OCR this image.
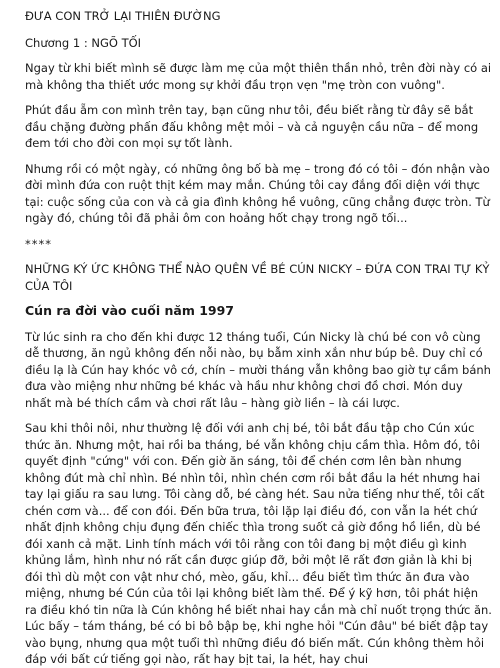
ĐƯA CON TRỞ LẠI THIÊN ĐƯỜNG
Chương 1 : NGÕ TỐI

Ngay từ khi biết mình sẽ được làm mẹ của một thiên thần nhỏ, trên đời này có ai mà không tha thiết ước mong sự khởi đầu trọn vẹn "mẹ tròn con vuông".

Phút đầu ẵm con mình trên tay, bạn cũng như tôi, đều biết rằng từ đây sẽ bắt đầu chặng đường phấn đấu không mệt mỏi – và cả nguyện cầu nữa – để mong đem tới cho đời con mọi sự tốt lành.

Nhưng rồi có một ngày, có những ông bố bà mẹ – trong đó có tôi – đón nhận vào đời mình đứa con ruột thịt kém may mắn. Chúng tôi cay đắng đối diện với thực tại: cuộc sống của con và cả gia đình không hề vuông, cũng chẳng được tròn. Từ ngày đó, chúng tôi đã phải ôm con hoảng hốt chạy trong ngõ tối...

****
NHỮNG KÝ ỨC KHÔNG THỂ NÀO QUÊN VỀ BÉ CÚN NICKY – ĐỨA CON TRAI TỰ KỶ CỦA TÔI
Cún ra đời vào cuối năm 1997

Từ lúc sinh ra cho đến khi được 12 tháng tuổi, Cún Nicky là chú bé con vô cùng dễ thương, ăn ngủ không đến nỗi nào, bụ bẫm xinh xắn như búp bê. Duy chỉ có điều lạ là Cún hay khóc vô cớ, chín – mười tháng vẫn không bao giờ tự cầm bánh đưa vào miệng như những bé khác và hầu như không chơi đồ chơi. Món duy nhất mà bé thích cầm và chơi rất lâu – hàng giờ liền – là cái lược.

Sau khi thôi nôi, như thường lệ đối với anh chị bé, tôi bắt đầu tập cho Cún xúc thức ăn. Nhưng một, hai rồi ba tháng, bé vẫn không chịu cầm thìa. Hôm đó, tôi quyết định "cứng" với con. Đến giờ ăn sáng, tôi để chén cơm lên bàn nhưng không đút mà chỉ nhìn. Bé nhìn tôi, nhìn chén cơm rồi bắt đầu la hét nhưng hai tay lại giấu ra sau lưng. Tôi càng dỗ, bé càng hét. Sau nửa tiếng như thế, tôi cất chén cơm và... để con đói. Đến bữa trưa, tôi lặp lại điều đó, con vẫn la hét chứ nhất định không chịu đụng đến chiếc thìa trong suốt cả giờ đồng hồ liền, dù bé đói xanh cả mặt. Linh tính mách với tôi rằng con tôi đang bị một điều gì kinh khủng lắm, hình như nó rất cần được giúp đỡ, bởi một lẽ rất đơn giản là khi bị đói thì dù một con vật như chó, mèo, gấu, khỉ... đều biết tìm thức ăn đưa vào miệng, nhưng bé Cún của tôi lại không biết làm thế. Để ý kỹ hơn, tôi phát hiện ra điều khó tin nữa là Cún không hề biết nhai hay cắn mà chỉ nuốt trọng thức ăn. Lúc bấy – tám tháng, bé có bi bô bập bẹ, khi nghe hỏi "Cún đâu" bé biết đập tay vào bụng, nhưng qua một tuổi thì những điều đó biến mất. Cún không thèm hỏi đáp với bất cứ tiếng gọi nào, rất hay bịt tai, la hét, hay chui
